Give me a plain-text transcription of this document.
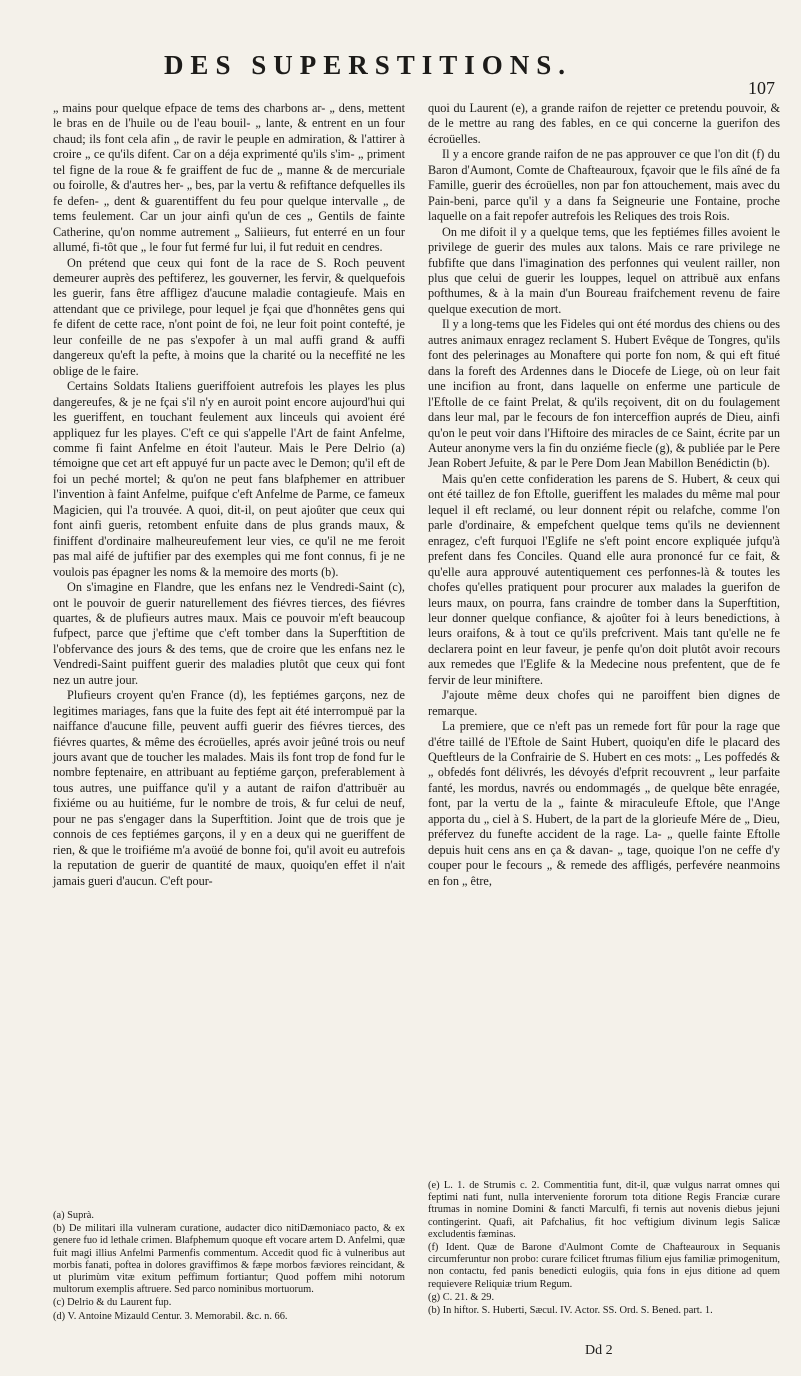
DES SUPERSTITIONS.
107

„ mains pour quelque efpace de tems des charbons ar- „ dens, mettent le bras en de l'huile ou de l'eau bouil- „ lante, & entrent en un four chaud; ils font cela afin „ de ravir le peuple en admiration, & l'attirer à croire „ ce qu'ils difent. Car on a déja exprimenté qu'ils s'im- „ priment tel figne de la roue & fe graiffent de fuc de „ manne & de mercuriale ou foirolle, & d'autres her- „ bes, par la vertu & refiftance defquelles ils fe defen- „ dent & guarentiffent du feu pour quelque intervalle „ de tems feulement. Car un jour ainfi qu'un de ces „ Gentils de fainte Catherine, qu'on nomme autrement „ Saliieurs, fut enterré en un four allumé, fi-tôt que „ le four fut fermé fur lui, il fut reduit en cendres.

On prétend que ceux qui font de la race de S. Roch peuvent demeurer auprès des peftiferez, les gouverner, les fervir, & quelquefois les guerir, fans être affligez d'aucune maladie contagieufe. Mais en attendant que ce privilege, pour lequel je fçai que d'honnêtes gens qui fe difent de cette race, n'ont point de foi, ne leur foit point contefté, je leur confeille de ne pas s'expofer à un mal auffi grand & auffi dangereux qu'eft la pefte, à moins que la charité ou la neceffité ne les oblige de le faire.

Certains Soldats Italiens gueriffoient autrefois les playes les plus dangereufes, & je ne fçai s'il n'y en auroit point encore aujourd'hui qui les gueriffent, en touchant feulement aux linceuls qui avoient éré appliquez fur les playes. C'eft ce qui s'appelle l'Art de faint Anfelme, comme fi faint Anfelme en étoit l'auteur. Mais le Pere Delrio (a) témoigne que cet art eft appuyé fur un pacte avec le Demon; qu'il eft de foi un peché mortel; & qu'on ne peut fans blafphemer en attribuer l'invention à faint Anfelme, puifque c'eft Anfelme de Parme, ce fameux Magicien, qui l'a trouvée. A quoi, dit-il, on peut ajoûter que ceux qui font ainfi gueris, retombent enfuite dans de plus grands maux, & finiffent d'ordinaire malheureufement leur vies, ce qu'il ne me feroit pas mal aifé de juftifier par des exemples qui me font connus, fi je ne voulois pas épagner les noms & la memoire des morts (b).

On s'imagine en Flandre, que les enfans nez le Vendredi-Saint (c), ont le pouvoir de guerir naturellement des fiévres tierces, des fiévres quartes, & de plufieurs autres maux. Mais ce pouvoir m'eft beaucoup fufpect, parce que j'eftime que c'eft tomber dans la Superftition de l'obfervance des jours & des tems, que de croire que les enfans nez le Vendredi-Saint puiffent guerir des maladies plutôt que ceux qui font nez un autre jour.

Plufieurs croyent qu'en France (d), les feptiémes garçons, nez de legitimes mariages, fans que la fuite des fept ait été interrompuë par la naiffance d'aucune fille, peuvent auffi guerir des fiévres tierces, des fiévres quartes, & même des écroüelles, aprés avoir jeûné trois ou neuf jours avant que de toucher les malades. Mais ils font trop de fond fur le nombre feptenaire, en attribuant au feptiéme garçon, preferablement à tous autres, une puiffance qu'il y a autant de raifon d'attribuër au fixiéme ou au huitiéme, fur le nombre de trois, & fur celui de neuf, pour ne pas s'engager dans la Superftition. Joint que de trois que je connois de ces feptiémes garçons, il y en a deux qui ne gueriffent de rien, & que le troifiéme m'a avoüé de bonne foi, qu'il avoit eu autrefois la reputation de guerir de quantité de maux, quoiqu'en effet il n'ait jamais gueri d'aucun. C'eft pour-

quoi du Laurent (e), a grande raifon de rejetter ce pretendu pouvoir, & de le mettre au rang des fables, en ce qui concerne la guerifon des écroüelles.

Il y a encore grande raifon de ne pas approuver ce que l'on dit (f) du Baron d'Aumont, Comte de Chafteauroux, fçavoir que le fils aîné de fa Famille, guerir des écroüelles, non par fon attouchement, mais avec du Pain-beni, parce qu'il y a dans fa Seigneurie une Fontaine, proche laquelle on a fait repofer autrefois les Reliques des trois Rois.

On me difoit il y a quelque tems, que les feptiémes filles avoient le privilege de guerir des mules aux talons. Mais ce rare privilege ne fubfifte que dans l'imagination des perfonnes qui veulent railler, non plus que celui de guerir les louppes, lequel on attribuë aux enfans pofthumes, & à la main d'un Boureau fraifchement revenu de faire quelque execution de mort.

Il y a long-tems que les Fideles qui ont été mordus des chiens ou des autres animaux enragez reclament S. Hubert Evêque de Tongres, qu'ils font des pelerinages au Monaftere qui porte fon nom, & qui eft fitué dans la foreft des Ardennes dans le Diocefe de Liege, où on leur fait une incifion au front, dans laquelle on enferme une particule de l'Eftolle de ce faint Prelat, & qu'ils reçoivent, dit on du foulagement dans leur mal, par le fecours de fon interceffion auprés de Dieu, ainfi qu'on le peut voir dans l'Hiftoire des miracles de ce Saint, écrite par un Auteur anonyme vers la fin du onziéme fiecle (g), & publiée par le Pere Jean Robert Jefuite, & par le Pere Dom Jean Mabillon Benédictin (b).

Mais qu'en cette confideration les parens de S. Hubert, & ceux qui ont été taillez de fon Eftolle, gueriffent les malades du même mal pour lequel il eft reclamé, ou leur donnent répit ou relafche, comme l'on parle d'ordinaire, & empefchent quelque tems qu'ils ne deviennent enragez, c'eft furquoi l'Eglife ne s'eft point encore expliquée jufqu'à prefent dans fes Conciles. Quand elle aura prononcé fur ce fait, & qu'elle aura approuvé autentiquement ces perfonnes-là & toutes les chofes qu'elles pratiquent pour procurer aux malades la guerifon de leurs maux, on pourra, fans craindre de tomber dans la Superftition, leur donner quelque confiance, & ajoûter foi à leurs benedictions, à leurs oraifons, & à tout ce qu'ils prefcrivent. Mais tant qu'elle ne fe declarera point en leur faveur, je penfe qu'on doit plutôt avoir recours aux remedes que l'Eglife & la Medecine nous prefentent, que de fe fervir de leur miniftere.

J'ajoute même deux chofes qui ne paroiffent bien dignes de remarque.

La premiere, que ce n'eft pas un remede fort fûr pour la rage que d'étre taillé de l'Eftole de Saint Hubert, quoiqu'en dife le placard des Queftleurs de la Confrairie de S. Hubert en ces mots: „ Les poffedés & „ obfedés font délivrés, les dévoyés d'efprit recouvrent „ leur parfaite fanté, les mordus, navrés ou endommagés „ de quelque bête enragée, font, par la vertu de la „ fainte & miraculeufe Eftole, que l'Ange apporta du „ ciel à S. Hubert, de la part de la glorieufe Mére de „ Dieu, préfervez du funefte accident de la rage. La- „ quelle fainte Eftolle depuis huit cens ans en ça & davan- „ tage, quoique l'on ne ceffe d'y couper pour le fecours „ & remede des affligés, perfevére neanmoins en fon „ être,

(a) Suprà.

(b) De militari illa vulneram curatione, audacter dico nitiDæmoniaco pacto, & ex genere fuo id lethale crimen. Blafphemum quoque eft vocare artem D. Anfelmi, quæ fuit magi illius Anfelmi Parmenfis commentum. Accedit quod fic à vulneribus aut morbis fanati, poftea in dolores graviffimos & fæpe morbos fæviores reincidant, & ut plurimùm vitæ exitum peffimum fortiantur; Quod poffem mihi notorum multorum exemplis aftruere. Sed parco nominibus mortuorum.

(c) Delrio & du Laurent fup.

(d) V. Antoine Mizauld Centur. 3. Memorabil. &c. n. 66.

(e) L. 1. de Strumis c. 2. Commentitia funt, dit-il, quæ vulgus narrat omnes qui feptimi nati funt, nulla interveniente fororum tota ditione Regis Franciæ curare ftrumas in nomine Domini & fancti Marculfi, fi ternis aut novenis diebus jejuni contingerint. Quafi, ait Pafchalius, fit hoc veftigium divinum legis Salicæ excludentis fæminas.

(f) Ident. Quæ de Barone d'Aulmont Comte de Chafteauroux in Sequanis circumferuntur non probo: curare fcilicet ftrumas filium ejus familiæ primogenitum, non contactu, fed panis benedicti eulogiis, quia fons in ejus ditione ad quem requievere Reliquiæ trium Regum.

(g) C. 21. & 29.

(b) In hiftor. S. Huberti, Sæcul. IV. Actor. SS. Ord. S. Bened. part. 1.

Dd 2
